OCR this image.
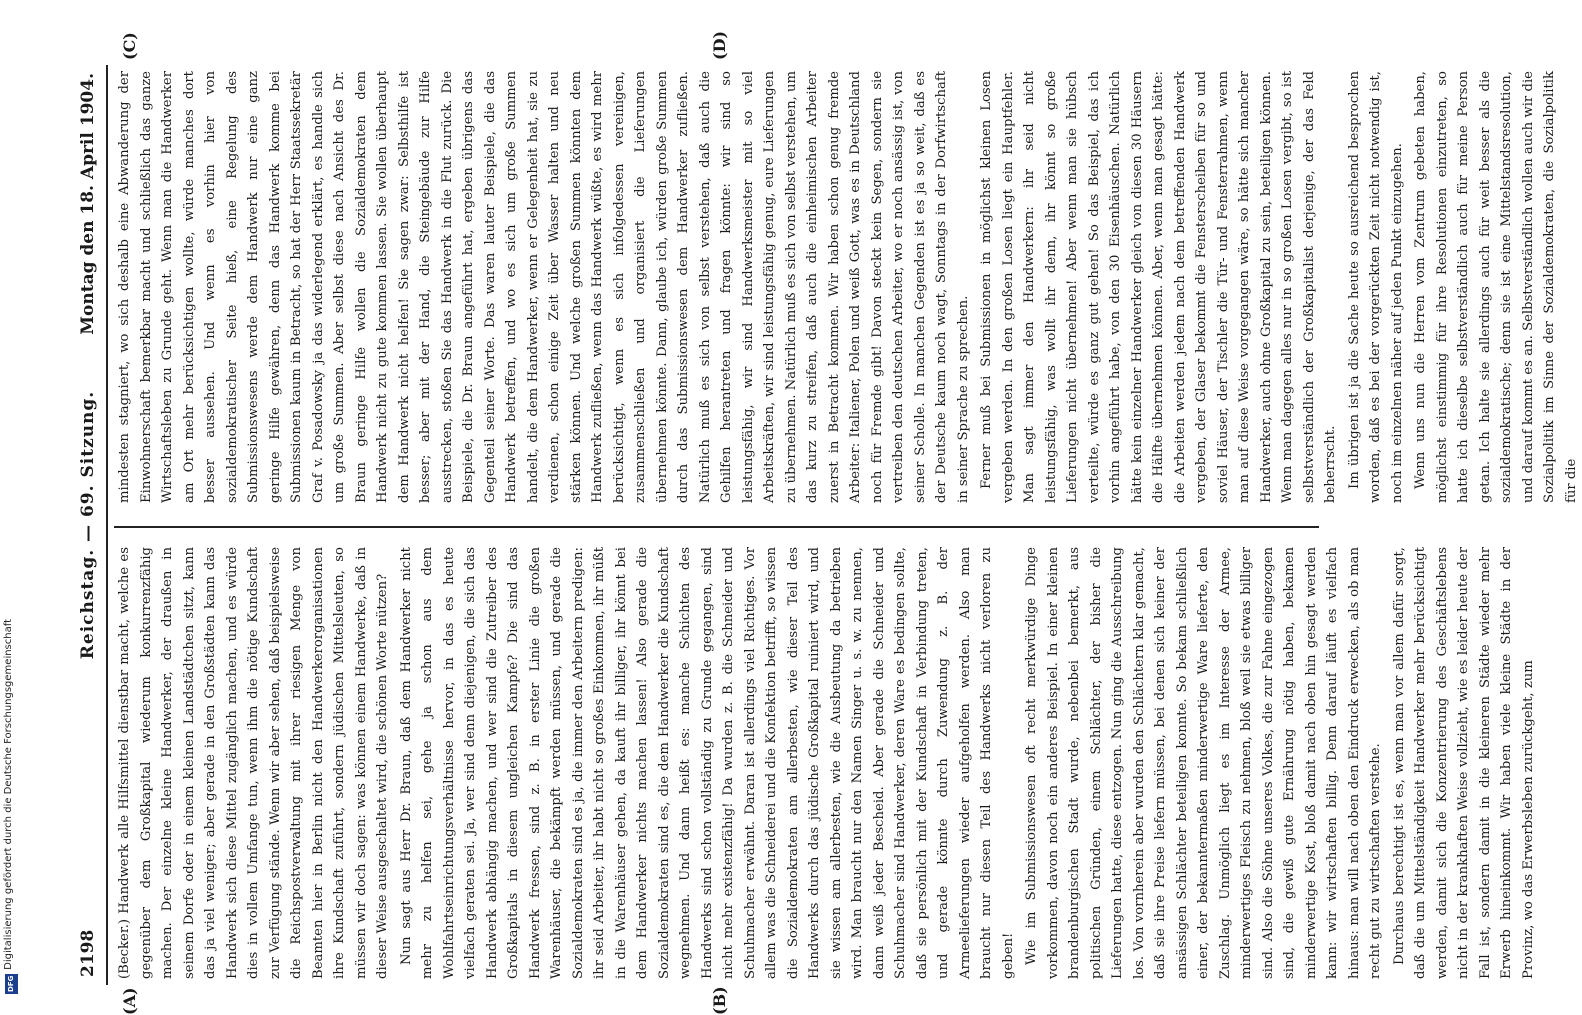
2198
Reichstag. — 69. Sitzung.
Montag den 18. April 1904.
(A)	(B)
(C)	(D)

(Becker.) Handwerk alle Hilfsmittel dienstbar macht, welche es gegenüber dem Großkapital wiederum konkurrenzfähig machen. Der einzelne kleine Handwerker, der draußen in seinem Dorfe oder in einem kleinen Landstädtchen sitzt, kann das ja viel weniger; aber gerade in den Großstädten kann das Handwerk sich diese Mittel zugänglich machen, und es würde dies in vollem Umfange tun, wenn ihm die nötige Kundschaft zur Verfügung stände. Wenn wir aber sehen, daß beispielsweise die Reichspostverwaltung mit ihrer riesigen Menge von Beamten hier in Berlin nicht den Handwerkerorganisationen ihre Kundschaft zuführt, sondern jüdischen Mittelsleuten, so müssen wir doch sagen: was können einem Handwerke, daß in dieser Weise ausgeschaltet wird, die schönen Worte nützen? Nun sagt aus Herr Dr. Braun, daß dem Handwerker nicht mehr zu helfen sei, gehe ja schon aus dem Wohlfahrtseinrichtungsverhältnisse hervor, in das es heute vielfach geraten sei. Ja, wer sind denn diejenigen, die sich das Handwerk abhängig machen, und wer sind die Zutreiber des Großkapitals in diesem ungleichen Kampfe? Die sind das Handwerk fressen, sind z. B. in erster Linie die großen Warenhäuser, die bekämpft werden müssen, und gerade die Sozialdemokraten sind es ja, die immer den Arbeitern predigen: ihr seid Arbeiter, ihr habt nicht so großes Einkommen, ihr müßt in die Warenhäuser gehen, da kauft ihr billiger, ihr könnt bei dem Handwerker nichts machen lassen! Also gerade die Sozialdemokraten sind es, die dem Handwerker die Kundschaft wegnehmen. Und dann heißt es: manche Schichten des Handwerks sind schon vollständig zu Grunde gegangen, sind nicht mehr existenzfähig! Da wurden z. B. die Schneider und Schuhmacher erwähnt. Daran ist allerdings viel Richtiges. Vor allem was die Schneiderei und die Konfektion betrifft, so wissen die Sozialdemokraten am allerbesten, wie dieser Teil des Handwerks durch das jüdische Großkapital ruiniert wird, und sie wissen am allerbesten, wie die Ausbeutung da betrieben wird. Man braucht nur den Namen Singer u. s. w. zu nennen, dann weiß jeder Bescheid. Aber gerade die Schneider und Schuhmacher sind Handwerker, deren Ware es bedingen sollte, daß sie persönlich mit der Kundschaft in Verbindung treten, und gerade könnte durch Zuwendung z. B. der Armeelieferungen wieder aufgeholfen werden. Also man braucht nur diesen Teil des Handwerks nicht verloren zu geben! Wie im Submissionswesen oft recht merkwürdige Dinge vorkommen, davon noch ein anderes Beispiel. In einer kleinen brandenburgischen Stadt wurde, nebenbei bemerkt, aus politischen Gründen, einem Schlächter, der bisher die Lieferungen hatte, diese entzogen. Nun ging die Ausschreibung los. Von vornherein aber wurden den Schlächtern klar gemacht, daß sie ihre Preise liefern müssen, bei denen sich keiner der ansässigen Schlächter beteiligen konnte. So bekam schließlich einer, der bekanntermaßen minderwertige Ware lieferte, den Zuschlag. Unmöglich liegt es im Interesse der Armee, minderwertiges Fleisch zu nehmen, bloß weil sie etwas billiger sind. Also die Söhne unseres Volkes, die zur Fahne eingezogen sind, die gewiß gute Ernährung nötig haben, bekamen minderwertige Kost, bloß damit nach oben hin gesagt werden kann: wir wirtschaften billig. Denn darauf läuft es vielfach hinaus: man will nach oben den Eindruck erwecken, als ob man recht gut zu wirtschaften verstehe. Durchaus berechtigt ist es, wenn man vor allem dafür sorgt, daß die um Mittelständigkeit Handwerker mehr berücksichtigt werden, damit sich die Konzentrierung des Geschäftslebens nicht in der krankhaften Weise vollzieht, wie es leider heute der Fall ist, sondern damit in die kleineren Städte wieder mehr Erwerb hineinkommt. Wir haben viele kleine Städte in der Provinz, wo das Erwerbsleben zurückgeht, zum

mindesten stagniert, wo sich deshalb eine Abwanderung der Einwohnerschaft bemerkbar macht und schließlich das ganze Wirtschaftsleben zu Grunde geht. Wenn man die Handwerker am Ort mehr berücksichtigen wollte, würde manches dort besser aussehen. Und wenn es vorhin hier von sozialdemokratischer Seite hieß, eine Regelung des Submissionswesens werde dem Handwerk nur eine ganz geringe Hilfe gewähren, denn das Handwerk komme bei Submissionen kaum in Betracht, so hat der Herr Staatssekretär Graf v. Posadowsky ja das widerlegend erklärt, es handle sich um große Summen. Aber selbst diese nach Ansicht des Dr. Braun geringe Hilfe wollen die Sozialdemokraten dem Handwerk nicht zu gute kommen lassen. Sie wollen überhaupt dem Handwerk nicht helfen! Sie sagen zwar: Selbsthilfe ist besser; aber mit der Hand, die Steingebäude zur Hilfe ausstrecken, stoßen Sie das Handwerk in die Flut zurück. Die Beispiele, die Dr. Braun angeführt hat, ergeben übrigens das Gegenteil seiner Worte. Das waren lauter Beispiele, die das Handwerk betreffen, und wo es sich um große Summen handelt, die dem Handwerker, wenn er Gelegenheit hat, sie zu verdienen, schon einige Zeit über Wasser halten und neu stärken können. Und welche großen Summen könnten dem Handwerk zufließen, wenn das Handwerk wüßte, es wird mehr berücksichtigt, wenn es sich infolgedessen vereinigen, zusammenschließen und organisiert die Lieferungen übernehmen könnte. Dann, glaube ich, würden große Summen durch das Submissionswesen dem Handwerker zufließen. Natürlich muß es sich von selbst verstehen, daß auch die Gehilfen herantreten und fragen könnte: wir sind so leistungsfähig, wir sind Handwerksmeister mit so viel Arbeitskräften, wir sind leistungsfähig genug, eure Lieferungen zu übernehmen. Natürlich muß es sich von selbst verstehen, um das kurz zu streifen, daß auch die einheimischen Arbeiter zuerst in Betracht kommen. Wir haben schon genug fremde Arbeiter: Italiener, Polen und weiß Gott, was es in Deutschland noch für Fremde gibt! Davon steckt kein Segen, sondern sie vertreiben den deutschen Arbeiter, wo er noch ansässig ist, von seiner Scholle. In manchen Gegenden ist es ja so weit, daß es der Deutsche kaum noch wagt, Sonntags in der Dorfwirtschaft in seiner Sprache zu sprechen. Ferner muß bei Submissionen in möglichst kleinen Losen vergeben werden. In den großen Losen liegt ein Hauptfehler. Man sagt immer den Handwerkern: ihr seid nicht leistungsfähig, was wollt ihr denn, ihr könnt so große Lieferungen nicht übernehmen! Aber wenn man sie hübsch verteilte, würde es ganz gut gehen! So das Beispiel, das ich vorhin angeführt habe, von den 30 Eisenhäuschen. Natürlich hätte kein einzelner Handwerker gleich von diesen 30 Häusern die Hälfte übernehmen können. Aber, wenn man gesagt hätte: die Arbeiten werden jedem nach dem betreffenden Handwerk vergeben, der Glaser bekommt die Fensterscheiben für so und soviel Häuser, der Tischler die Tür- und Fensterrahmen, wenn man auf diese Weise vorgegangen wäre, so hätte sich mancher Handwerker, auch ohne Großkapital zu sein, beteiligen können. Wenn man dagegen alles nur in so großen Losen vergibt, so ist selbstverständlich der Großkapitalist derjenige, der das Feld beherrscht. Im übrigen ist ja die Sache heute so ausreichend besprochen worden, daß es bei der vorgerückten Zeit nicht notwendig ist, noch im einzelnen näher auf jeden Punkt einzugehen. Wenn uns nun die Herren vom Zentrum gebeten haben, möglichst einstimmig für ihre Resolutionen einzutreten, so hatte ich dieselbe selbstverständlich auch für meine Person getan. Ich halte sie allerdings auch für weit besser als die sozialdemokratische; denn sie ist eine Mittelstandsresolution, und darauf kommt es an. Selbstverständlich wollen auch wir die Sozialpolitik im Sinne der Sozialdemokraten, die Sozialpolitik für die

Digitalisierung gefördert durch die Deutsche Forschungsgemeinschaft
DFG
